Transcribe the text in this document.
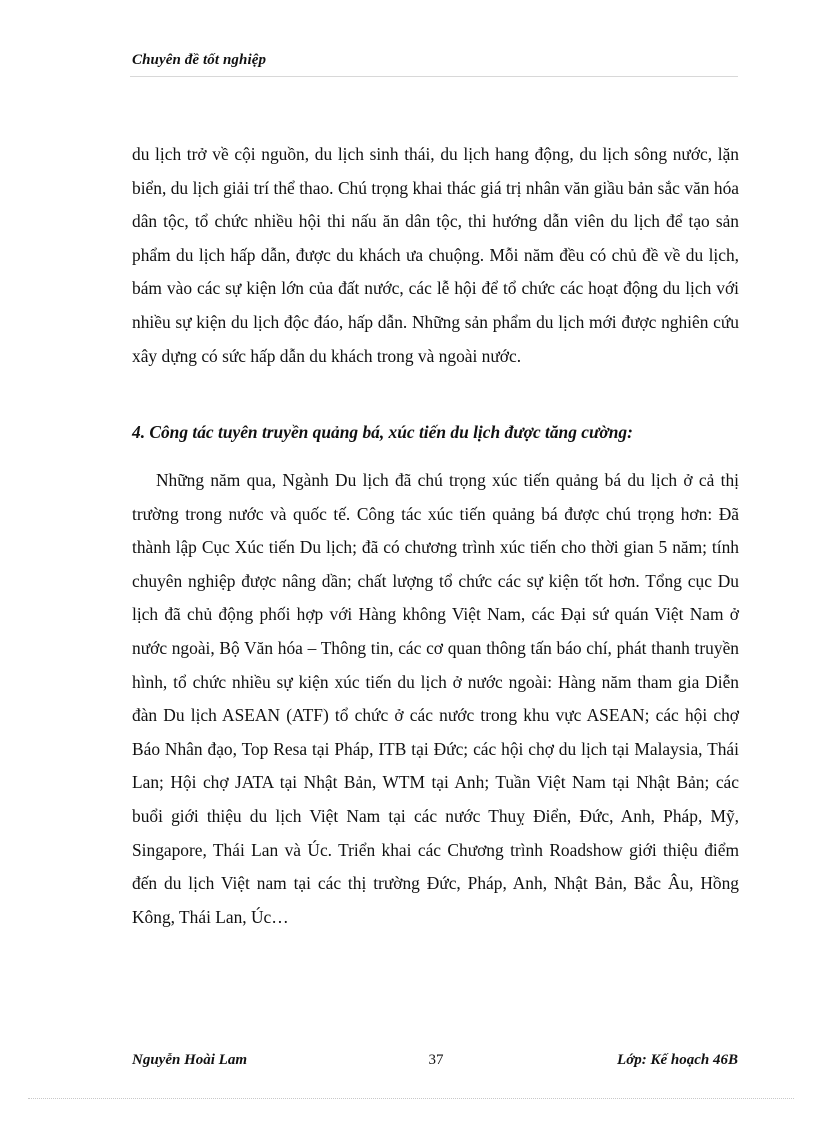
Chuyên đề tốt nghiệp

du lịch trở về cội nguồn, du lịch sinh thái, du lịch hang động, du lịch sông nước, lặn biển, du lịch giải trí thể thao. Chú trọng khai thác giá trị nhân văn giầu bản sắc văn hóa dân tộc, tổ chức nhiều hội thi nấu ăn dân tộc, thi hướng dẫn viên du lịch để tạo sản phẩm du lịch hấp dẫn, được du khách ưa chuộng. Mỗi năm đều có chủ đề về du lịch, bám vào các sự kiện lớn của đất nước, các lễ hội để tổ chức các hoạt động du lịch với nhiều sự kiện du lịch độc đáo, hấp dẫn. Những sản phẩm du lịch mới được nghiên cứu xây dựng có sức hấp dẫn du khách trong và ngoài nước.

4. Công tác tuyên truyền quảng bá, xúc tiến du lịch được tăng cường:

Những năm qua, Ngành Du lịch đã chú trọng xúc tiến quảng bá du lịch ở cả thị trường trong nước và quốc tế. Công tác xúc tiến quảng bá được chú trọng hơn: Đã thành lập Cục Xúc tiến Du lịch; đã có chương trình xúc tiến cho thời gian 5 năm; tính chuyên nghiệp được nâng dần; chất lượng tổ chức các sự kiện tốt hơn. Tổng cục Du lịch đã chủ động phối hợp với Hàng không Việt Nam, các Đại sứ quán Việt Nam ở nước ngoài, Bộ Văn hóa – Thông tin, các cơ quan thông tấn báo chí, phát thanh truyền hình, tổ chức nhiều sự kiện xúc tiến du lịch ở nước ngoài: Hàng năm tham gia Diễn đàn Du lịch ASEAN (ATF) tổ chức ở các nước trong khu vực ASEAN; các hội chợ Báo Nhân đạo, Top Resa tại Pháp, ITB tại Đức; các hội chợ du lịch tại Malaysia, Thái Lan; Hội chợ JATA tại Nhật Bản, WTM tại Anh; Tuần Việt Nam tại Nhật Bản; các buổi giới thiệu du lịch Việt Nam tại các nước Thuỵ Điển, Đức, Anh, Pháp, Mỹ, Singapore, Thái Lan và Úc. Triển khai các Chương trình Roadshow giới thiệu điểm đến du lịch Việt nam tại các thị trường Đức, Pháp, Anh, Nhật Bản, Bắc Âu, Hồng Kông, Thái Lan, Úc…

Nguyễn Hoài Lam	37	Lớp: Kế hoạch 46B
